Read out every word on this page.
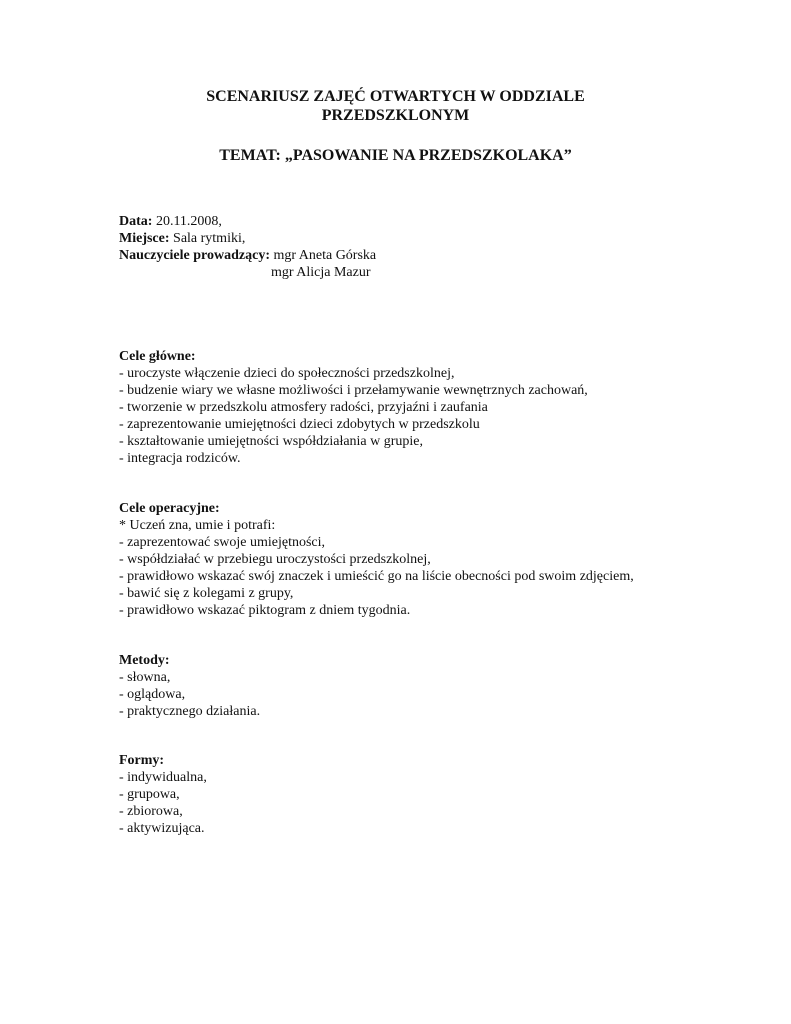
SCENARIUSZ ZAJĘĆ OTWARTYCH W ODDZIALE
PRZEDSZKLONYM
TEMAT: „PASOWANIE NA PRZEDSZKOLAKA”
Data: 20.11.2008,
Miejsce: Sala rytmiki,
Nauczyciele prowadzący: mgr Aneta Górska
mgr Alicja Mazur
Cele główne:
- uroczyste włączenie dzieci do społeczności przedszkolnej,
- budzenie wiary we własne możliwości i przełamywanie wewnętrznych zachowań,
- tworzenie w przedszkolu atmosfery radości, przyjaźni i zaufania
- zaprezentowanie umiejętności dzieci zdobytych w przedszkolu
- kształtowanie umiejętności współdziałania w grupie,
- integracja rodziców.
Cele operacyjne:
* Uczeń zna, umie i potrafi:
- zaprezentować swoje umiejętności,
- współdziałać w przebiegu uroczystości przedszkolnej,
- prawidłowo wskazać swój znaczek i umieścić go na liście obecności pod swoim zdjęciem,
- bawić się z kolegami z grupy,
- prawidłowo wskazać piktogram z dniem tygodnia.
Metody:
- słowna,
- oglądowa,
- praktycznego działania.
Formy:
- indywidualna,
- grupowa,
- zbiorowa,
- aktywizująca.
